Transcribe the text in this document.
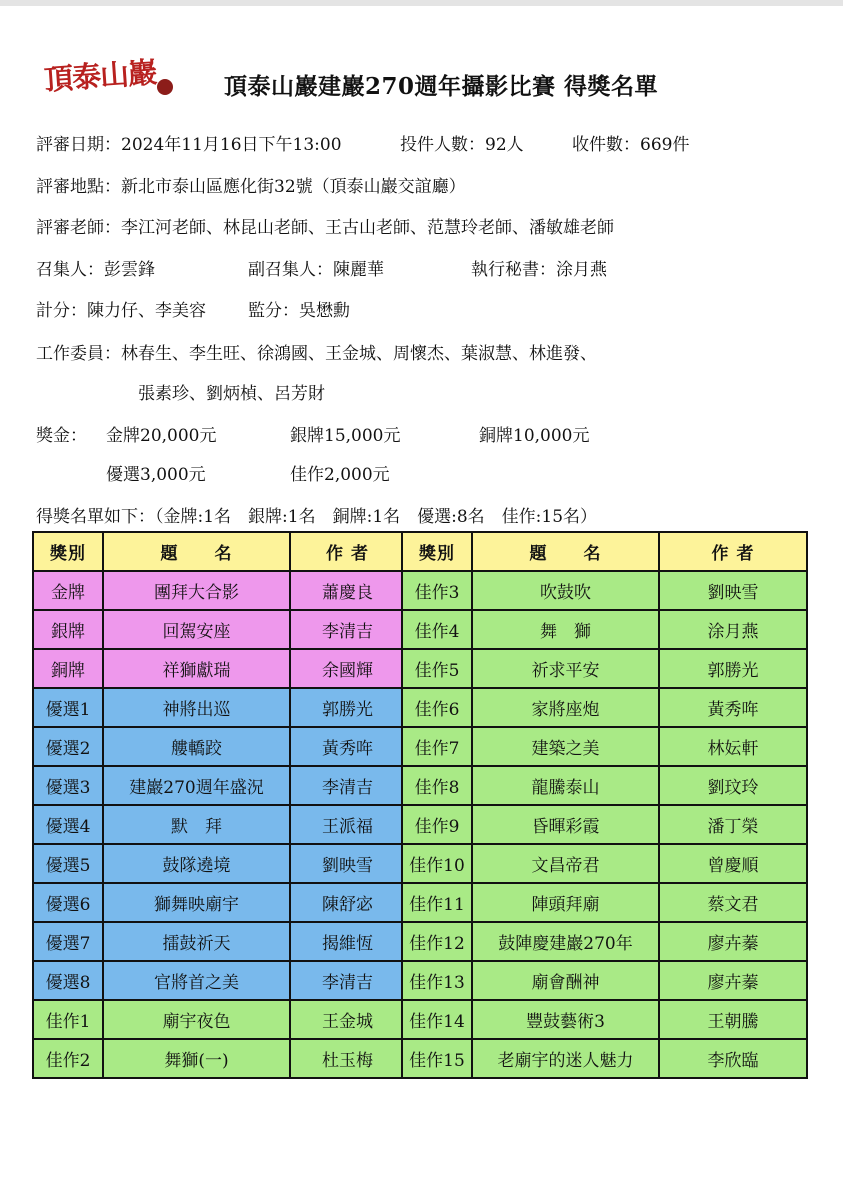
頂泰山巖	頂泰山巖建巖270週年攝影比賽 得獎名單
評審日期：2024年11月16日下午13:00	投件人數：92人	收件數：669件
評審地點：新北市泰山區應化街32號（頂泰山巖交誼廳）
評審老師：李江河老師、林昆山老師、王古山老師、范慧玲老師、潘敏雄老師
召集人：彭雲鋒	副召集人：陳麗華	執行秘書：涂月燕
計分：陳力仔、李美容 監分：吳懋勳
工作委員：林春生、李生旺、徐鴻國、王金城、周懷杰、葉淑慧、林進發、
張素珍、劉炳楨、呂芳財
獎金： 金牌20,000元	銀牌15,000元	銅牌10,000元
優選3,000元	佳作2,000元
得獎名單如下：（金牌:1名　銀牌:1名　銅牌:1名　優選:8名　佳作:15名）
獎別	題　　名	作 者
金牌	團拜大合影	蕭慶良
銀牌	回駕安座	李清吉
銅牌	祥獅獻瑞	余國輝
優選1	神將出巡	郭勝光
優選2	艛轎跤	黃秀哖
優選3	建巖270週年盛況	李清吉
優選4	默　拜	王派福
優選5	鼓隊遶境	劉映雪
優選6	獅舞映廟宇	陳舒宓
優選7	擂鼓祈天	揭維恆
優選8	官將首之美	李清吉
佳作1	廟宇夜色	王金城
佳作2	舞獅(一)	杜玉梅
獎別	題　　名	作 者
佳作3	吹鼓吹	劉映雪
佳作4	舞　獅	涂月燕
佳作5	祈求平安	郭勝光
佳作6	家將座炮	黃秀哖
佳作7	建築之美	林妘軒
佳作8	龍騰泰山	劉玟玲
佳作9	昏暉彩霞	潘丁榮
佳作10	文昌帝君	曾慶順
佳作11	陣頭拜廟	蔡文君
佳作12	鼓陣慶建巖270年	廖卉蓁
佳作13	廟會酬神	廖卉蓁
佳作14	豐鼓藝術3	王朝騰
佳作15	老廟宇的迷人魅力	李欣臨
